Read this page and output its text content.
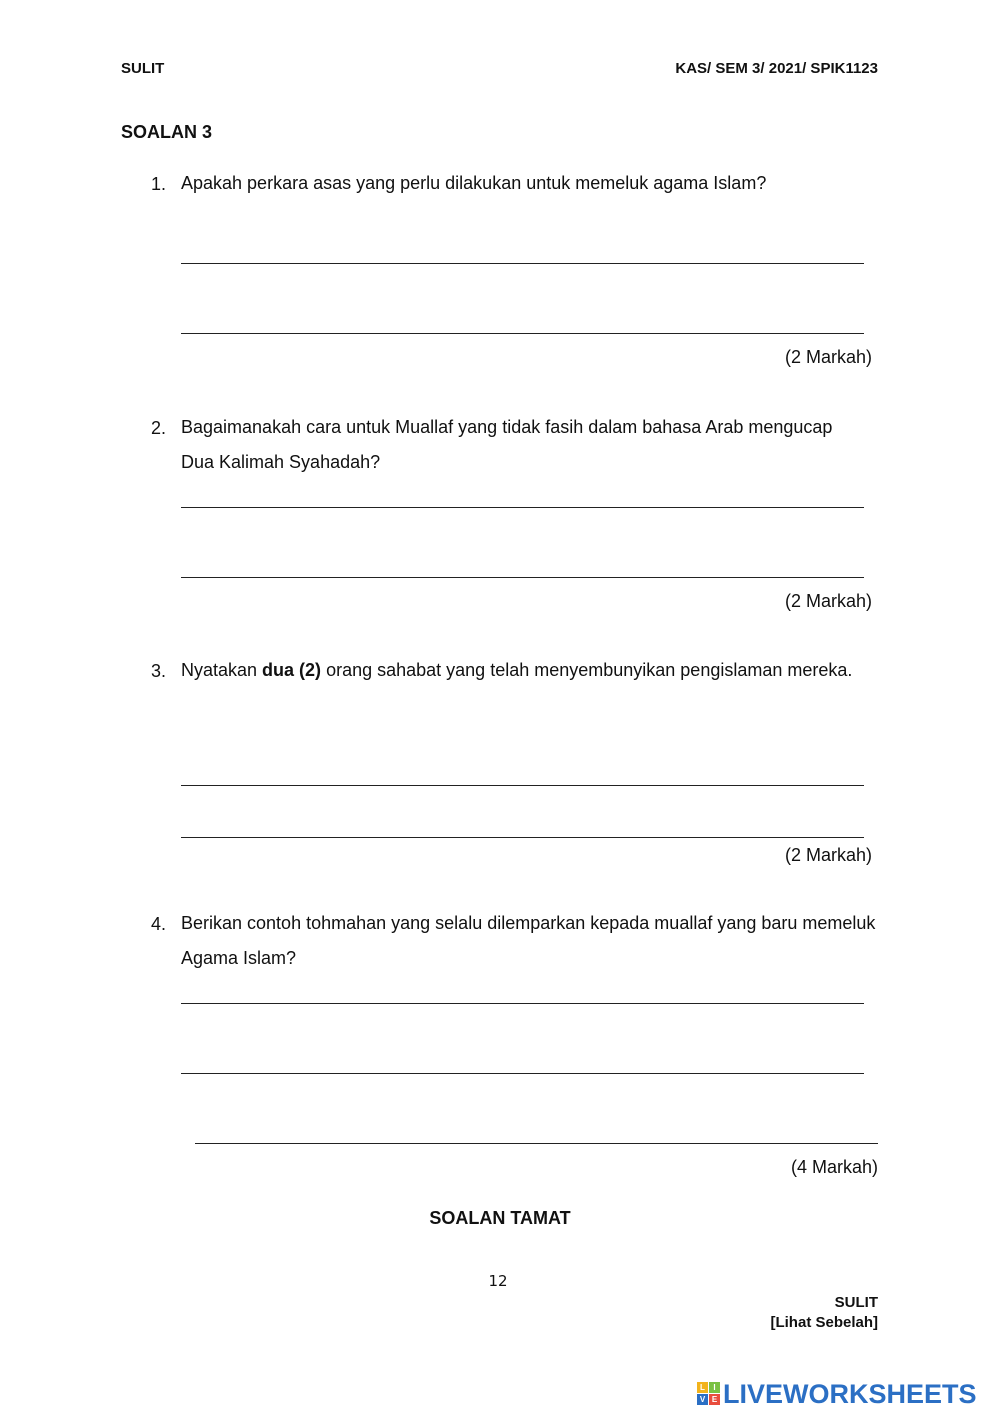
SULIT	KAS/ SEM 3/ 2021/ SPIK1123
SOALAN 3
1. Apakah perkara asas yang perlu dilakukan untuk memeluk agama Islam?
(2 Markah)
2. Bagaimanakah cara untuk Muallaf yang tidak fasih dalam bahasa Arab mengucap Dua Kalimah Syahadah?
(2 Markah)
3. Nyatakan dua (2) orang sahabat yang telah menyembunyikan pengislaman mereka.
(2 Markah)
4. Berikan contoh tohmahan yang selalu dilemparkan kepada muallaf yang baru memeluk Agama Islam?
(4 Markah)
SOALAN TAMAT
12
SULIT
[Lihat Sebelah]
L	I
V E LIVEWORKSHEETS
